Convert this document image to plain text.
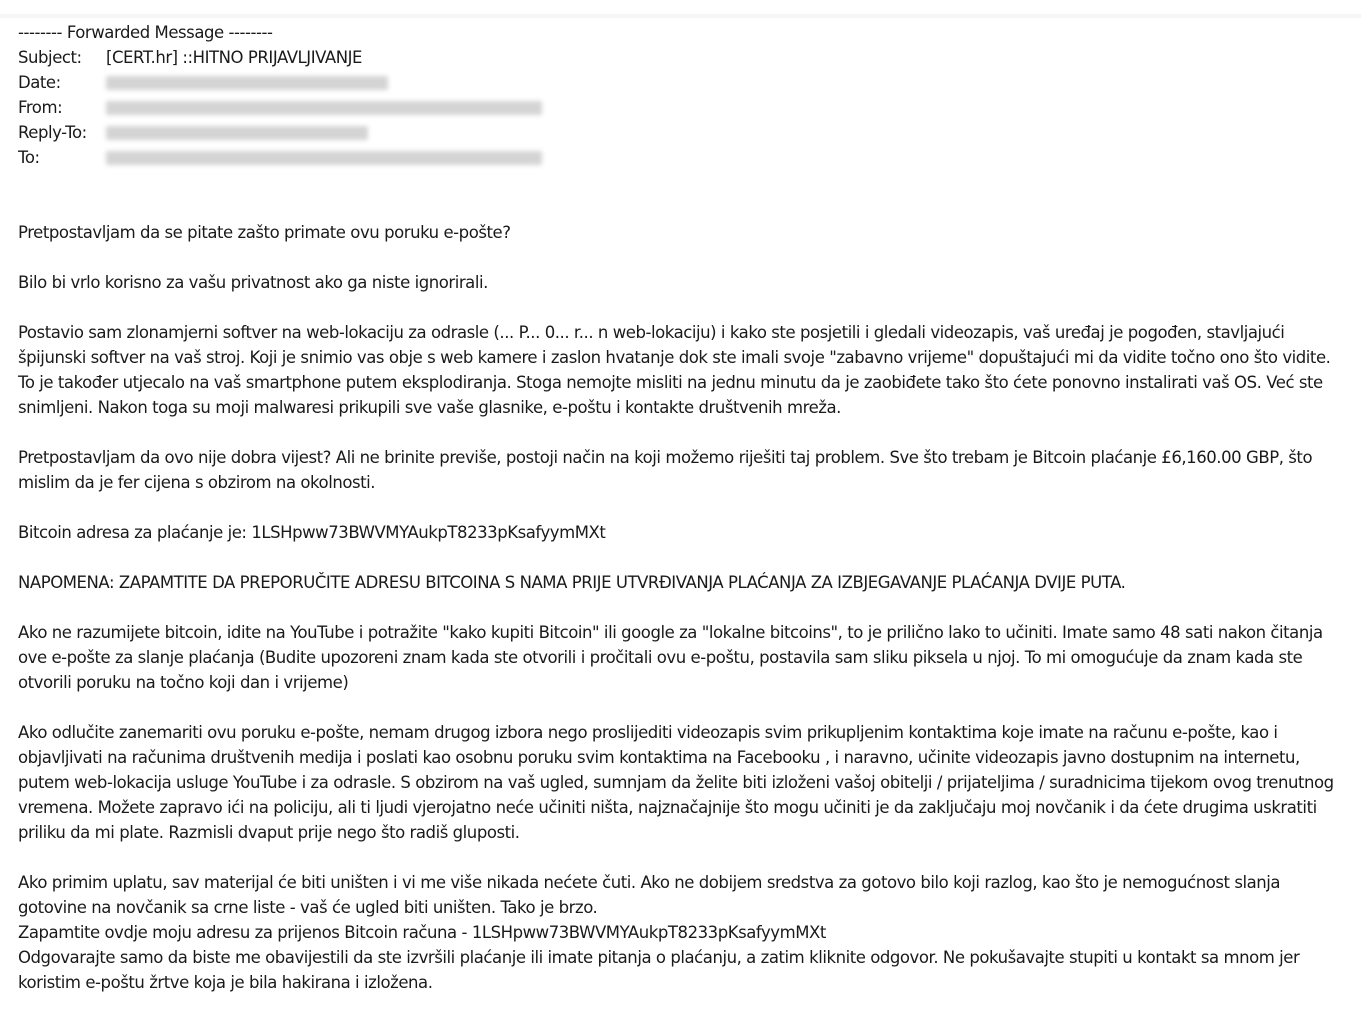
-------- Forwarded Message --------
Subject:	[CERT.hr] ::HITNO PRIJAVLJIVANJE
Date:
From:
Reply-To:
To:

Pretpostavljam da se pitate zašto primate ovu poruku e-pošte?

Bilo bi vrlo korisno za vašu privatnost ako ga niste ignorirali.

Postavio sam zlonamjerni softver na web-lokaciju za odrasle (... P... 0... r... n web-lokaciju) i kako ste posjetili i gledali videozapis, vaš uređaj je pogođen, stavljajući špijunski softver na vaš stroj. Koji je snimio vas obje s web kamere i zaslon hvatanje dok ste imali svoje "zabavno vrijeme" dopuštajući mi da vidite točno ono što vidite. To je također utjecalo na vaš smartphone putem eksplodiranja. Stoga nemojte misliti na jednu minutu da je zaobiđete tako što ćete ponovno instalirati vaš OS. Već ste snimljeni. Nakon toga su moji malwaresi prikupili sve vaše glasnike, e-poštu i kontakte društvenih mreža.

Pretpostavljam da ovo nije dobra vijest? Ali ne brinite previše, postoji način na koji možemo riješiti taj problem. Sve što trebam je Bitcoin plaćanje £6,160.00 GBP, što mislim da je fer cijena s obzirom na okolnosti.

Bitcoin adresa za plaćanje je: 1LSHpww73BWVMYAukpT8233pKsafyymMXt

NAPOMENA: ZAPAMTITE DA PREPORUČITE ADRESU BITCOINA S NAMA PRIJE UTVRĐIVANJA PLAĆANJA ZA IZBJEGAVANJE PLAĆANJA DVIJE PUTA.

Ako ne razumijete bitcoin, idite na YouTube i potražite "kako kupiti Bitcoin" ili google za "lokalne bitcoins", to je prilično lako to učiniti. Imate samo 48 sati nakon čitanja ove e-pošte za slanje plaćanja (Budite upozoreni znam kada ste otvorili i pročitali ovu e-poštu, postavila sam sliku piksela u njoj. To mi omogućuje da znam kada ste otvorili poruku na točno koji dan i vrijeme)

Ako odlučite zanemariti ovu poruku e-pošte, nemam drugog izbora nego proslijediti videozapis svim prikupljenim kontaktima koje imate na računu e-pošte, kao i objavljivati na računima društvenih medija i poslati kao osobnu poruku svim kontaktima na Facebooku , i naravno, učinite videozapis javno dostupnim na internetu, putem web-lokacija usluge YouTube i za odrasle. S obzirom na vaš ugled, sumnjam da želite biti izloženi vašoj obitelji / prijateljima / suradnicima tijekom ovog trenutnog vremena. Možete zapravo ići na policiju, ali ti ljudi vjerojatno neće učiniti ništa, najznačajnije što mogu učiniti je da zaključaju moj novčanik i da ćete drugima uskratiti priliku da mi plate. Razmisli dvaput prije nego što radiš gluposti.

Ako primim uplatu, sav materijal će biti uništen i vi me više nikada nećete čuti. Ako ne dobijem sredstva za gotovo bilo koji razlog, kao što je nemogućnost slanja gotovine na novčanik sa crne liste - vaš će ugled biti uništen. Tako je brzo.

Zapamtite ovdje moju adresu za prijenos Bitcoin računa - 1LSHpww73BWVMYAukpT8233pKsafyymMXt

Odgovarajte samo da biste me obavijestili da ste izvršili plaćanje ili imate pitanja o plaćanju, a zatim kliknite odgovor. Ne pokušavajte stupiti u kontakt sa mnom jer koristim e-poštu žrtve koja je bila hakirana i izložena.
